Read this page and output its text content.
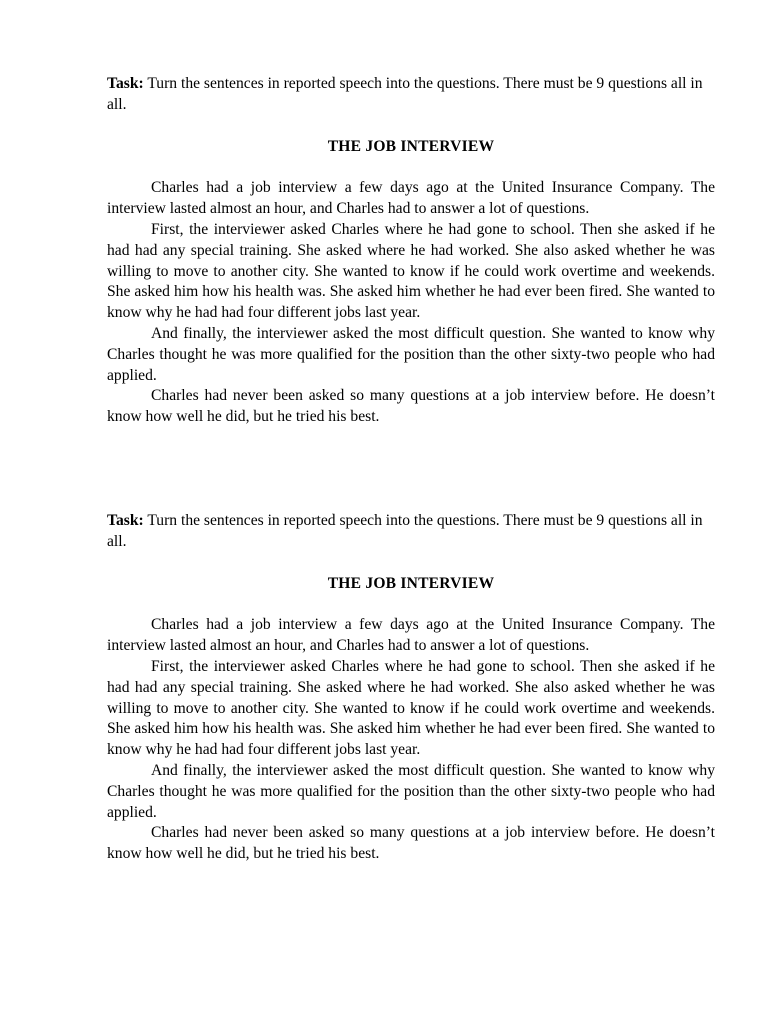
Task: Turn the sentences in reported speech into the questions. There must be 9 questions all in all.

THE JOB INTERVIEW

Charles had a job interview a few days ago at the United Insurance Company. The interview lasted almost an hour, and Charles had to answer a lot of questions.

First, the interviewer asked Charles where he had gone to school. Then she asked if he had had any special training. She asked where he had worked. She also asked whether he was willing to move to another city. She wanted to know if he could work overtime and weekends. She asked him how his health was. She asked him whether he had ever been fired. She wanted to know why he had had four different jobs last year.

And finally, the interviewer asked the most difficult question. She wanted to know why Charles thought he was more qualified for the position than the other sixty-two people who had applied.

Charles had never been asked so many questions at a job interview before. He doesn’t know how well he did, but he tried his best.

Task: Turn the sentences in reported speech into the questions. There must be 9 questions all in all.

THE JOB INTERVIEW

Charles had a job interview a few days ago at the United Insurance Company. The interview lasted almost an hour, and Charles had to answer a lot of questions.

First, the interviewer asked Charles where he had gone to school. Then she asked if he had had any special training. She asked where he had worked. She also asked whether he was willing to move to another city. She wanted to know if he could work overtime and weekends. She asked him how his health was. She asked him whether he had ever been fired. She wanted to know why he had had four different jobs last year.

And finally, the interviewer asked the most difficult question. She wanted to know why Charles thought he was more qualified for the position than the other sixty-two people who had applied.

Charles had never been asked so many questions at a job interview before. He doesn’t know how well he did, but he tried his best.
